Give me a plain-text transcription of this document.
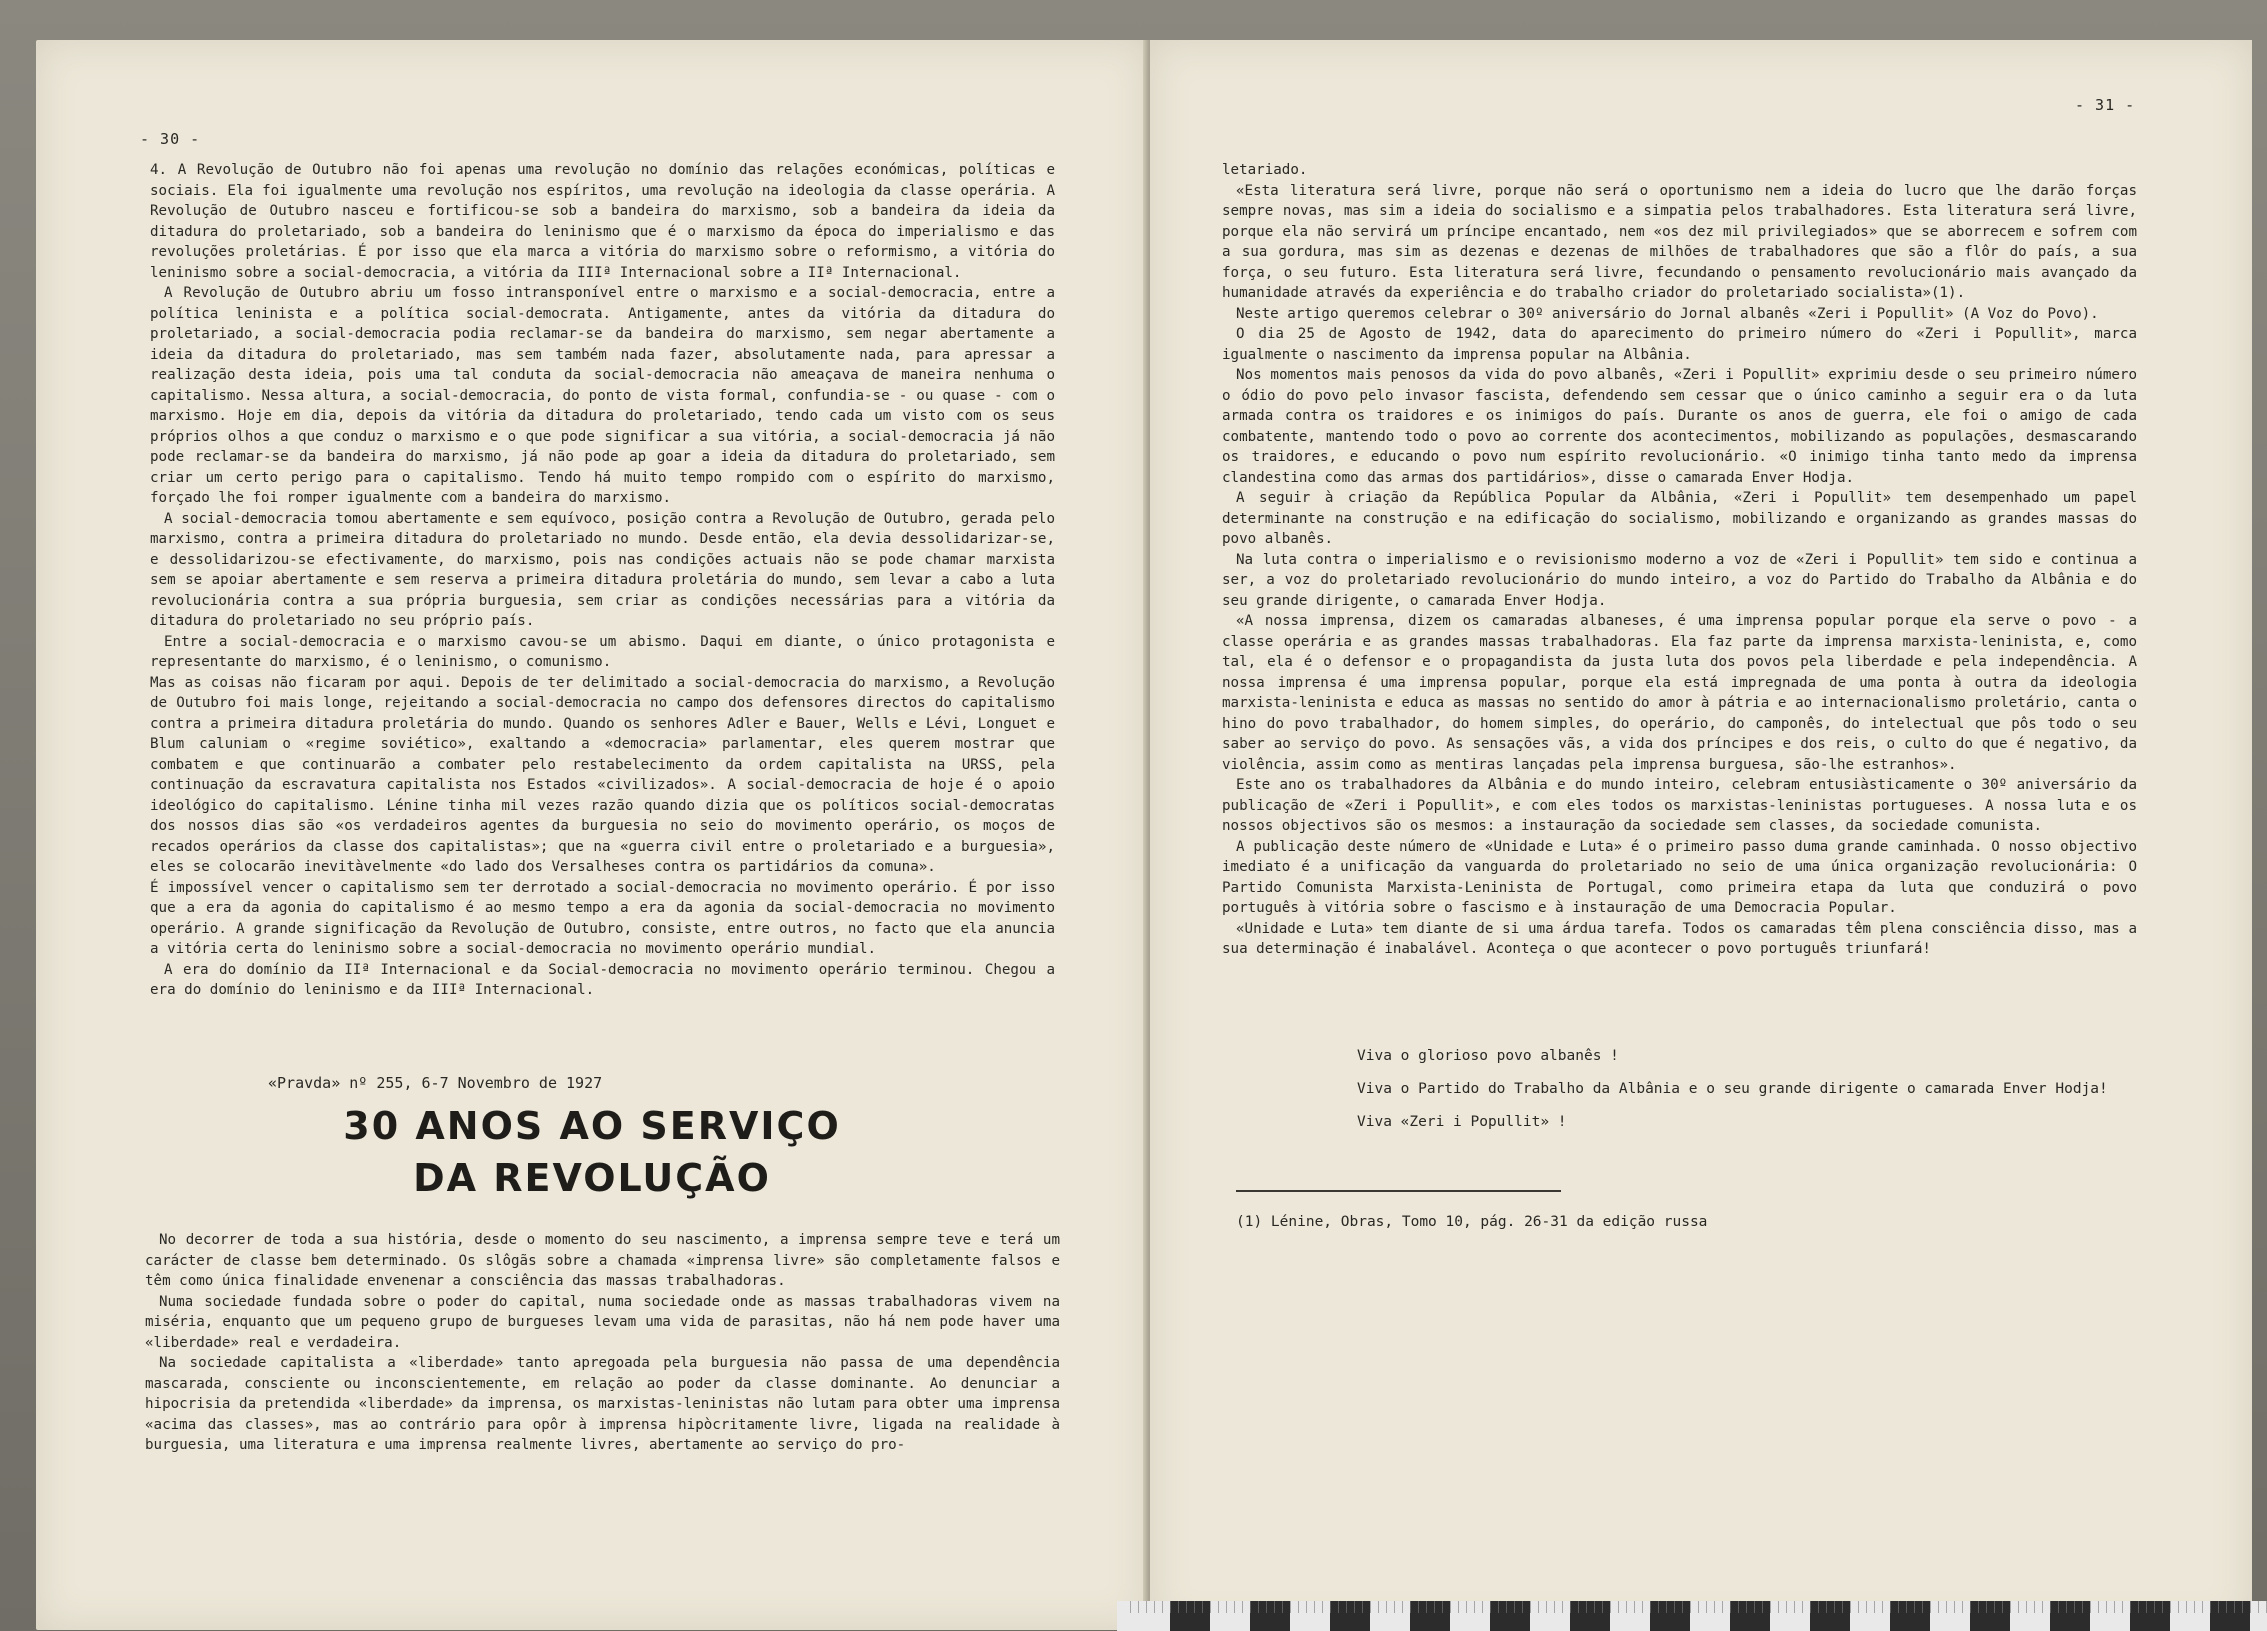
- 30 -

4. A Revolução de Outubro não foi apenas uma revolução no domínio das relações económicas, políticas e sociais. Ela foi igualmente uma revolução nos espíritos, uma revolução na ideologia da classe operária. A Revolução de Outubro nasceu e fortificou-se sob a bandeira do marxismo, sob a bandeira da ideia da ditadura do proletariado, sob a bandeira do leninismo que é o marxismo da época do imperialismo e das revoluções proletárias. É por isso que ela marca a vitória do marxismo sobre o reformismo, a vitória do leninismo sobre a social-democracia, a vitória da IIIª Internacional sobre a IIª Internacional.

A Revolução de Outubro abriu um fosso intransponível entre o marxismo e a social-democracia, entre a política leninista e a política social-democrata. Antigamente, antes da vitória da ditadura do proletariado, a social-democracia podia reclamar-se da bandeira do marxismo, sem negar abertamente a ideia da ditadura do proletariado, mas sem também nada fazer, absolutamente nada, para apressar a realização desta ideia, pois uma tal conduta da social-democracia não ameaçava de maneira nenhuma o capitalismo. Nessa altura, a social-democracia, do ponto de vista formal, confundia-se - ou quase - com o marxismo. Hoje em dia, depois da vitória da ditadura do proletariado, tendo cada um visto com os seus próprios olhos a que conduz o marxismo e o que pode significar a sua vitória, a social-democracia já não pode reclamar-se da bandeira do marxismo, já não pode ap goar a ideia da ditadura do proletariado, sem criar um certo perigo para o capitalismo. Tendo há muito tempo rompido com o espírito do marxismo, forçado lhe foi romper igualmente com a bandeira do marxismo.

A social-democracia tomou abertamente e sem equívoco, posição contra a Revolução de Outubro, gerada pelo marxismo, contra a primeira ditadura do proletariado no mundo. Desde então, ela devia dessolidarizar-se, e dessolidarizou-se efectivamente, do marxismo, pois nas condições actuais não se pode chamar marxista sem se apoiar abertamente e sem reserva a primeira ditadura proletária do mundo, sem levar a cabo a luta revolucionária contra a sua própria burguesia, sem criar as condições necessárias para a vitória da ditadura do proletariado no seu próprio país.

Entre a social-democracia e o marxismo cavou-se um abismo. Daqui em diante, o único protagonista e representante do marxismo, é o leninismo, o comunismo.

Mas as coisas não ficaram por aqui. Depois de ter delimitado a social-democracia do marxismo, a Revolução de Outubro foi mais longe, rejeitando a social-democracia no campo dos defensores directos do capitalismo contra a primeira ditadura proletária do mundo. Quando os senhores Adler e Bauer, Wells e Lévi, Longuet e Blum caluniam o «regime soviético», exaltando a «democracia» parlamentar, eles querem mostrar que combatem e que continuarão a combater pelo restabelecimento da ordem capitalista na URSS, pela continuação da escravatura capitalista nos Estados «civilizados». A social-democracia de hoje é o apoio ideológico do capitalismo. Lénine tinha mil vezes razão quando dizia que os políticos social-democratas dos nossos dias são «os verdadeiros agentes da burguesia no seio do movimento operário, os moços de recados operários da classe dos capitalistas»; que na «guerra civil entre o proletariado e a burguesia», eles se colocarão inevitàvelmente «do lado dos Versalheses contra os partidários da comuna».

É impossível vencer o capitalismo sem ter derrotado a social-democracia no movimento operário. É por isso que a era da agonia do capitalismo é ao mesmo tempo a era da agonia da social-democracia no movimento operário. A grande significação da Revolução de Outubro, consiste, entre outros, no facto que ela anuncia a vitória certa do leninismo sobre a social-democracia no movimento operário mundial.

A era do domínio da IIª Internacional e da Social-democracia no movimento operário terminou. Chegou a era do domínio do leninismo e da IIIª Internacional.

«Pravda» nº 255, 6-7 Novembro de 1927
30 ANOS AO SERVIÇO
DA REVOLUÇÃO

No decorrer de toda a sua história, desde o momento do seu nascimento, a imprensa sempre teve e terá um carácter de classe bem determinado. Os slôgãs sobre a chamada «imprensa livre» são completamente falsos e têm como única finalidade envenenar a consciência das massas trabalhadoras.

Numa sociedade fundada sobre o poder do capital, numa sociedade onde as massas trabalhadoras vivem na miséria, enquanto que um pequeno grupo de burgueses levam uma vida de parasitas, não há nem pode haver uma «liberdade» real e verdadeira.

Na sociedade capitalista a «liberdade» tanto apregoada pela burguesia não passa de uma dependência mascarada, consciente ou inconscientemente, em relação ao poder da classe dominante. Ao denunciar a hipocrisia da pretendida «liberdade» da imprensa, os marxistas-leninistas não lutam para obter uma imprensa «acima das classes», mas ao contrário para opôr à imprensa hipòcritamente livre, ligada na realidade à burguesia, uma literatura e uma imprensa realmente livres, abertamente ao serviço do pro-

- 31 -

letariado.

«Esta literatura será livre, porque não será o oportunismo nem a ideia do lucro que lhe darão forças sempre novas, mas sim a ideia do socialismo e a simpatia pelos trabalhadores. Esta literatura será livre, porque ela não servirá um príncipe encantado, nem «os dez mil privilegiados» que se aborrecem e sofrem com a sua gordura, mas sim as dezenas e dezenas de milhões de trabalhadores que são a flôr do país, a sua força, o seu futuro. Esta literatura será livre, fecundando o pensamento revolucionário mais avançado da humanidade através da experiência e do trabalho criador do proletariado socialista»(1).

Neste artigo queremos celebrar o 30º aniversário do Jornal albanês «Zeri i Popullit» (A Voz do Povo).

O dia 25 de Agosto de 1942, data do aparecimento do primeiro número do «Zeri i Popullit», marca igualmente o nascimento da imprensa popular na Albânia.

Nos momentos mais penosos da vida do povo albanês, «Zeri i Popullit» exprimiu desde o seu primeiro número o ódio do povo pelo invasor fascista, defendendo sem cessar que o único caminho a seguir era o da luta armada contra os traidores e os inimigos do país. Durante os anos de guerra, ele foi o amigo de cada combatente, mantendo todo o povo ao corrente dos acontecimentos, mobilizando as populações, desmascarando os traidores, e educando o povo num espírito revolucionário. «O inimigo tinha tanto medo da imprensa clandestina como das armas dos partidários», disse o camarada Enver Hodja.

A seguir à criação da República Popular da Albânia, «Zeri i Popullit» tem desempenhado um papel determinante na construção e na edificação do socialismo, mobilizando e organizando as grandes massas do povo albanês.

Na luta contra o imperialismo e o revisionismo moderno a voz de «Zeri i Popullit» tem sido e continua a ser, a voz do proletariado revolucionário do mundo inteiro, a voz do Partido do Trabalho da Albânia e do seu grande dirigente, o camarada Enver Hodja.

«A nossa imprensa, dizem os camaradas albaneses, é uma imprensa popular porque ela serve o povo - a classe operária e as grandes massas trabalhadoras. Ela faz parte da imprensa marxista-leninista, e, como tal, ela é o defensor e o propagandista da justa luta dos povos pela liberdade e pela independência. A nossa imprensa é uma imprensa popular, porque ela está impregnada de uma ponta à outra da ideologia marxista-leninista e educa as massas no sentido do amor à pátria e ao internacionalismo proletário, canta o hino do povo trabalhador, do homem simples, do operário, do camponês, do intelectual que pôs todo o seu saber ao serviço do povo. As sensações vãs, a vida dos príncipes e dos reis, o culto do que é negativo, da violência, assim como as mentiras lançadas pela imprensa burguesa, são-lhe estranhos».

Este ano os trabalhadores da Albânia e do mundo inteiro, celebram entusiàsticamente o 30º aniversário da publicação de «Zeri i Popullit», e com eles todos os marxistas-leninistas portugueses. A nossa luta e os nossos objectivos são os mesmos: a instauração da sociedade sem classes, da sociedade comunista.

A publicação deste número de «Unidade e Luta» é o primeiro passo duma grande caminhada. O nosso objectivo imediato é a unificação da vanguarda do proletariado no seio de uma única organização revolucionária: O Partido Comunista Marxista-Leninista de Portugal, como primeira etapa da luta que conduzirá o povo português à vitória sobre o fascismo e à instauração de uma Democracia Popular.

«Unidade e Luta» tem diante de si uma árdua tarefa. Todos os camaradas têm plena consciência disso, mas a sua determinação é inabalável. Aconteça o que acontecer o povo português triunfará!

Viva o glorioso povo albanês !
Viva o Partido do Trabalho da Albânia e o seu grande dirigente o camarada Enver Hodja!
Viva «Zeri i Popullit» !
(1) Lénine, Obras, Tomo 10, pág. 26-31 da edição russa
